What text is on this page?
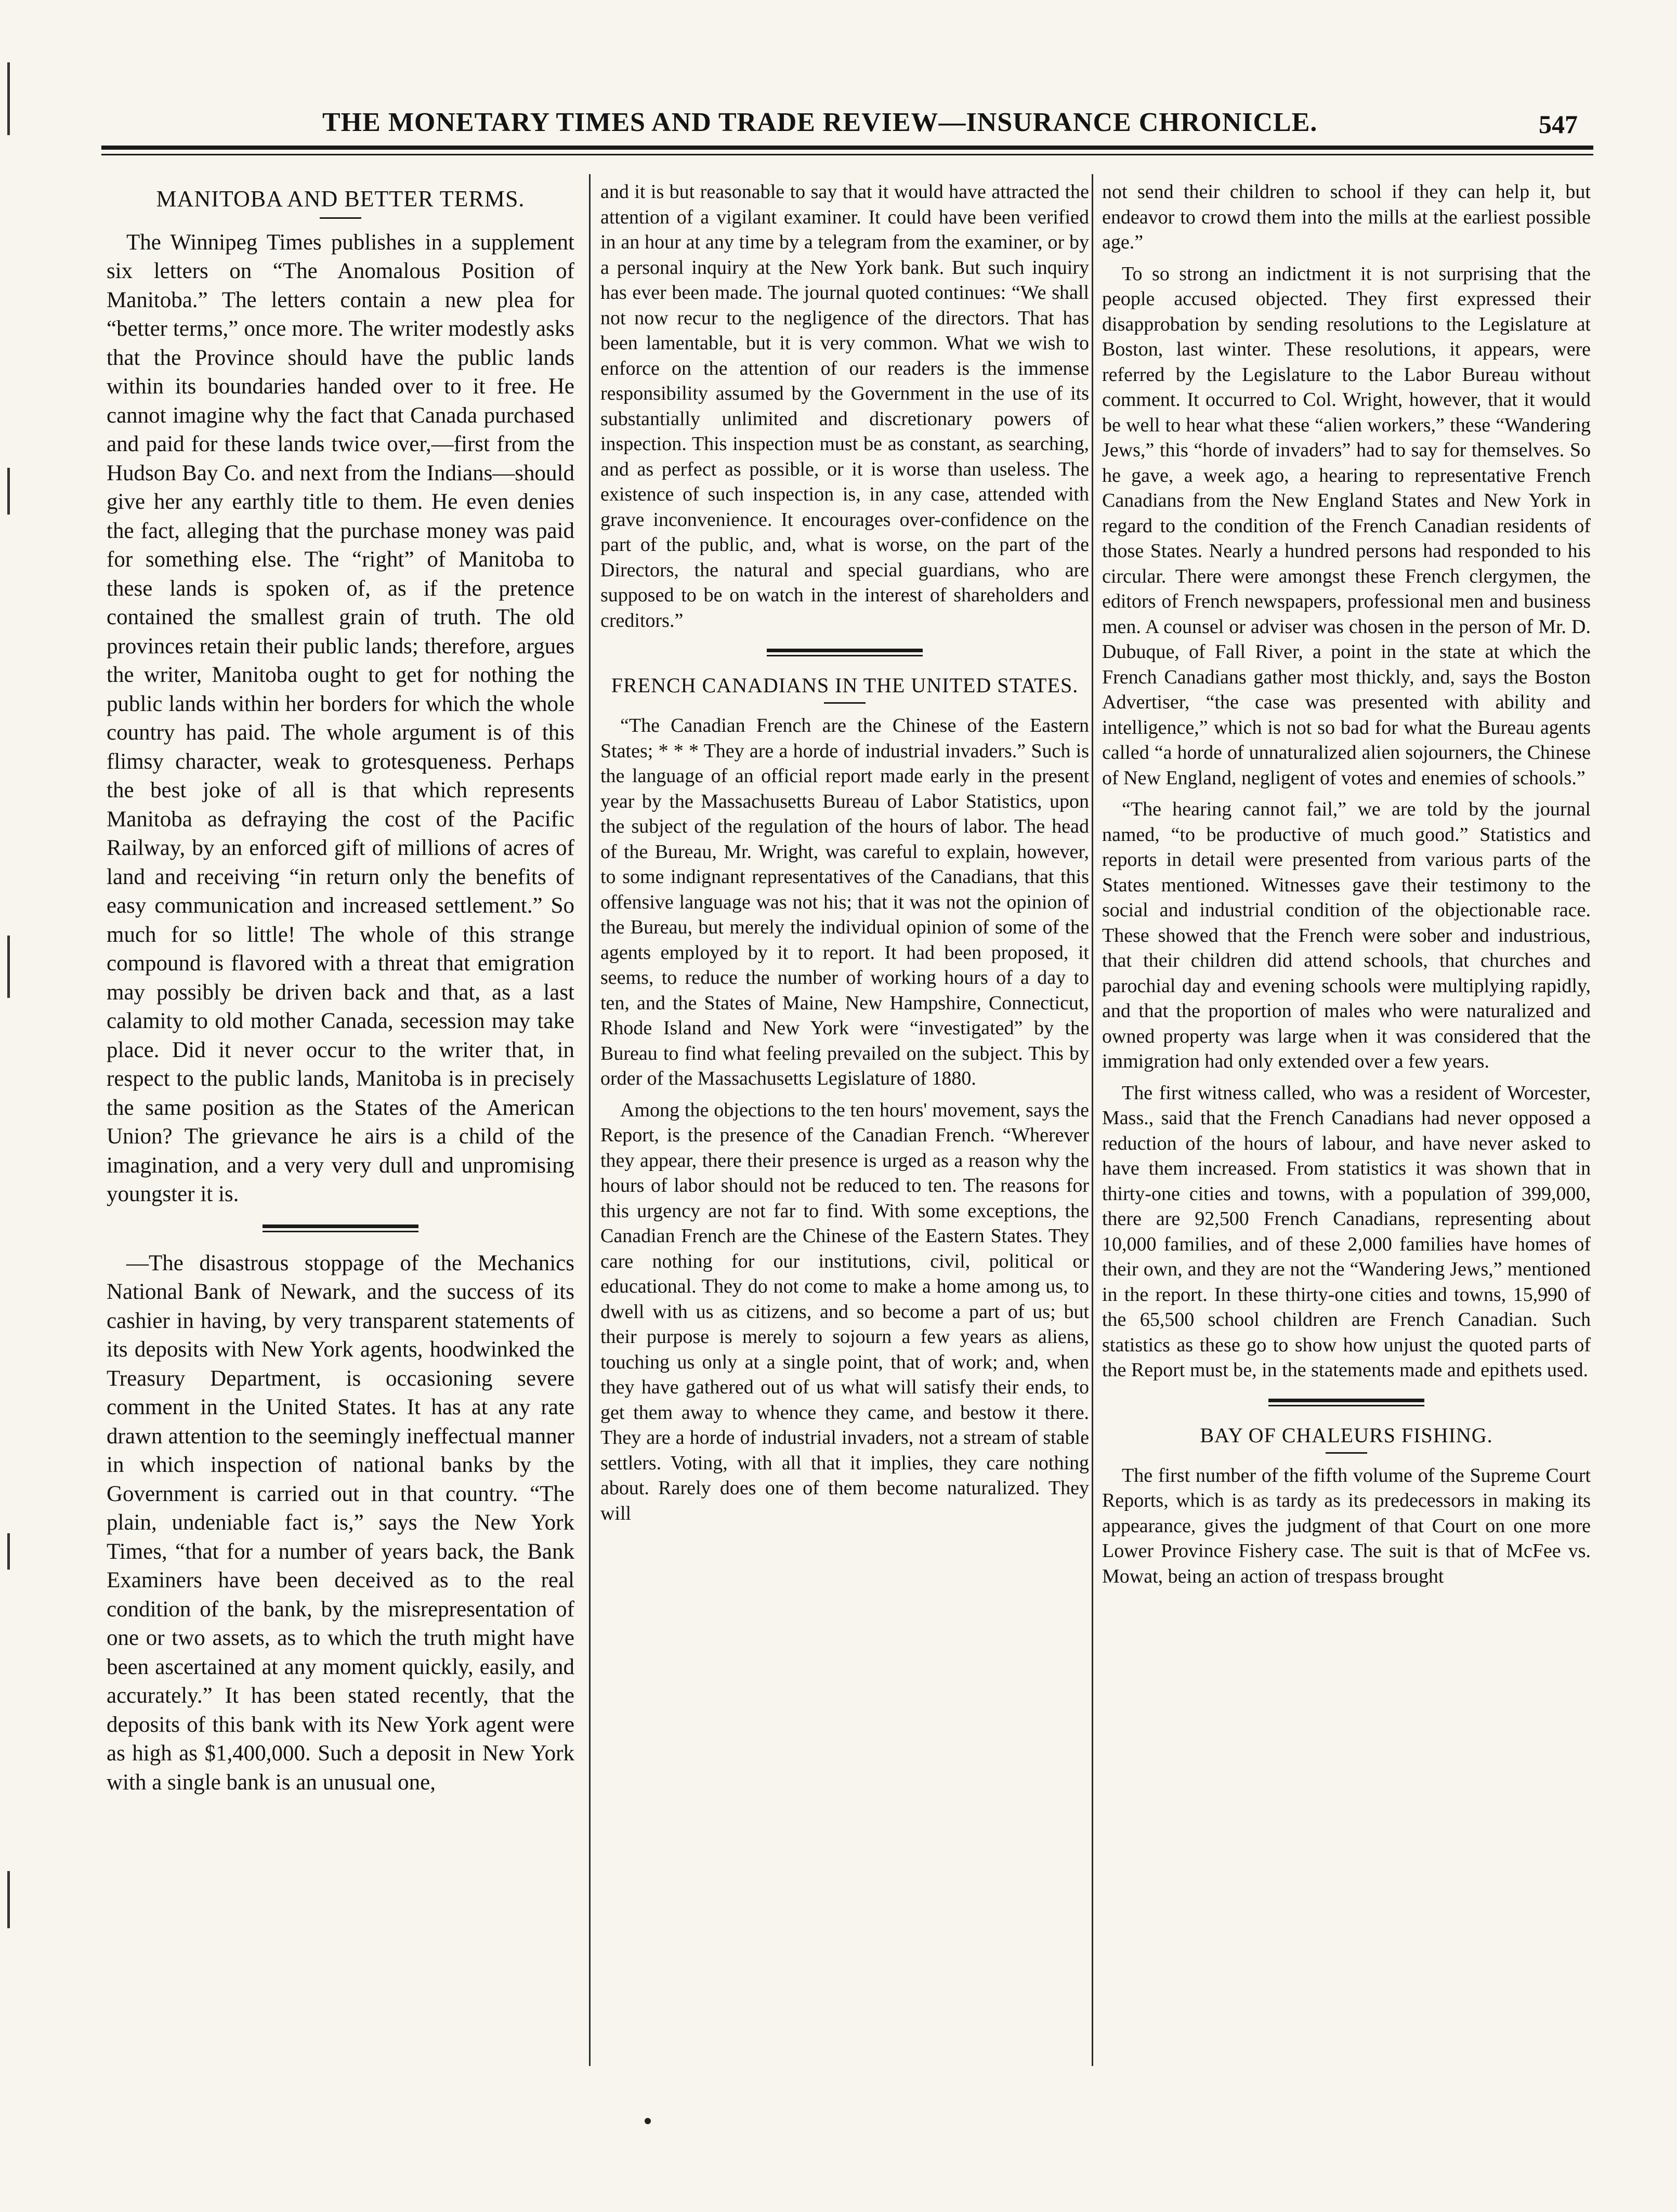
THE MONETARY TIMES AND TRADE REVIEW—INSURANCE CHRONICLE.	547
MANITOBA AND BETTER TERMS.

The Winnipeg Times publishes in a supplement six letters on “The Anomalous Position of Manitoba.” The letters contain a new plea for “better terms,” once more. The writer modestly asks that the Province should have the public lands within its boundaries handed over to it free. He cannot imagine why the fact that Canada purchased and paid for these lands twice over,—first from the Hudson Bay Co. and next from the Indians—should give her any earthly title to them. He even denies the fact, alleging that the purchase money was paid for something else. The “right” of Manitoba to these lands is spoken of, as if the pretence contained the smallest grain of truth. The old provinces retain their public lands; therefore, argues the writer, Manitoba ought to get for nothing the public lands within her borders for which the whole country has paid. The whole argument is of this flimsy character, weak to grotesqueness. Perhaps the best joke of all is that which represents Manitoba as defraying the cost of the Pacific Railway, by an enforced gift of millions of acres of land and receiving “in return only the benefits of easy communication and increased settlement.” So much for so little! The whole of this strange compound is flavored with a threat that emigration may possibly be driven back and that, as a last calamity to old mother Canada, secession may take place. Did it never occur to the writer that, in respect to the public lands, Manitoba is in precisely the same position as the States of the American Union? The grievance he airs is a child of the imagination, and a very very dull and unpromising youngster it is.

—The disastrous stoppage of the Mechanics National Bank of Newark, and the success of its cashier in having, by very transparent statements of its deposits with New York agents, hoodwinked the Treasury Department, is occasioning severe comment in the United States. It has at any rate drawn attention to the seemingly ineffectual manner in which inspection of national banks by the Government is carried out in that country. “The plain, undeniable fact is,” says the New York Times, “that for a number of years back, the Bank Examiners have been deceived as to the real condition of the bank, by the misrepresentation of one or two assets, as to which the truth might have been ascertained at any moment quickly, easily, and accurately.” It has been stated recently, that the deposits of this bank with its New York agent were as high as $1,400,000. Such a deposit in New York with a single bank is an unusual one,

and it is but reasonable to say that it would have attracted the attention of a vigilant examiner. It could have been verified in an hour at any time by a telegram from the examiner, or by a personal inquiry at the New York bank. But such inquiry has ever been made. The journal quoted continues: “We shall not now recur to the negligence of the directors. That has been lamentable, but it is very common. What we wish to enforce on the attention of our readers is the immense responsibility assumed by the Government in the use of its substantially unlimited and discretionary powers of inspection. This inspection must be as constant, as searching, and as perfect as possible, or it is worse than useless. The existence of such inspection is, in any case, attended with grave inconvenience. It encourages over-confidence on the part of the public, and, what is worse, on the part of the Directors, the natural and special guardians, who are supposed to be on watch in the interest of shareholders and creditors.”

FRENCH CANADIANS IN THE UNITED STATES.

“The Canadian French are the Chinese of the Eastern States; * * * They are a horde of industrial invaders.” Such is the language of an official report made early in the present year by the Massachusetts Bureau of Labor Statistics, upon the subject of the regulation of the hours of labor. The head of the Bureau, Mr. Wright, was careful to explain, however, to some indignant representatives of the Canadians, that this offensive language was not his; that it was not the opinion of the Bureau, but merely the individual opinion of some of the agents employed by it to report. It had been proposed, it seems, to reduce the number of working hours of a day to ten, and the States of Maine, New Hampshire, Connecticut, Rhode Island and New York were “investigated” by the Bureau to find what feeling prevailed on the subject. This by order of the Massachusetts Legislature of 1880.

Among the objections to the ten hours' movement, says the Report, is the presence of the Canadian French. “Wherever they appear, there their presence is urged as a reason why the hours of labor should not be reduced to ten. The reasons for this urgency are not far to find. With some exceptions, the Canadian French are the Chinese of the Eastern States. They care nothing for our institutions, civil, political or educational. They do not come to make a home among us, to dwell with us as citizens, and so become a part of us; but their purpose is merely to sojourn a few years as aliens, touching us only at a single point, that of work; and, when they have gathered out of us what will satisfy their ends, to get them away to whence they came, and bestow it there. They are a horde of industrial invaders, not a stream of stable settlers. Voting, with all that it implies, they care nothing about. Rarely does one of them become naturalized. They will

not send their children to school if they can help it, but endeavor to crowd them into the mills at the earliest possible age.”

To so strong an indictment it is not surprising that the people accused objected. They first expressed their disapprobation by sending resolutions to the Legislature at Boston, last winter. These resolutions, it appears, were referred by the Legislature to the Labor Bureau without comment. It occurred to Col. Wright, however, that it would be well to hear what these “alien workers,” these “Wandering Jews,” this “horde of invaders” had to say for themselves. So he gave, a week ago, a hearing to representative French Canadians from the New England States and New York in regard to the condition of the French Canadian residents of those States. Nearly a hundred persons had responded to his circular. There were amongst these French clergymen, the editors of French newspapers, professional men and business men. A counsel or adviser was chosen in the person of Mr. D. Dubuque, of Fall River, a point in the state at which the French Canadians gather most thickly, and, says the Boston Advertiser, “the case was presented with ability and intelligence,” which is not so bad for what the Bureau agents called “a horde of unnaturalized alien sojourners, the Chinese of New England, negligent of votes and enemies of schools.”

“The hearing cannot fail,” we are told by the journal named, “to be productive of much good.” Statistics and reports in detail were presented from various parts of the States mentioned. Witnesses gave their testimony to the social and industrial condition of the objectionable race. These showed that the French were sober and industrious, that their children did attend schools, that churches and parochial day and evening schools were multiplying rapidly, and that the proportion of males who were naturalized and owned property was large when it was considered that the immigration had only extended over a few years.

The first witness called, who was a resident of Worcester, Mass., said that the French Canadians had never opposed a reduction of the hours of labour, and have never asked to have them increased. From statistics it was shown that in thirty-one cities and towns, with a population of 399,000, there are 92,500 French Canadians, representing about 10,000 families, and of these 2,000 families have homes of their own, and they are not the “Wandering Jews,” mentioned in the report. In these thirty-one cities and towns, 15,990 of the 65,500 school children are French Canadian. Such statistics as these go to show how unjust the quoted parts of the Report must be, in the statements made and epithets used.

BAY OF CHALEURS FISHING.

The first number of the fifth volume of the Supreme Court Reports, which is as tardy as its predecessors in making its appearance, gives the judgment of that Court on one more Lower Province Fishery case. The suit is that of McFee vs. Mowat, being an action of trespass brought
